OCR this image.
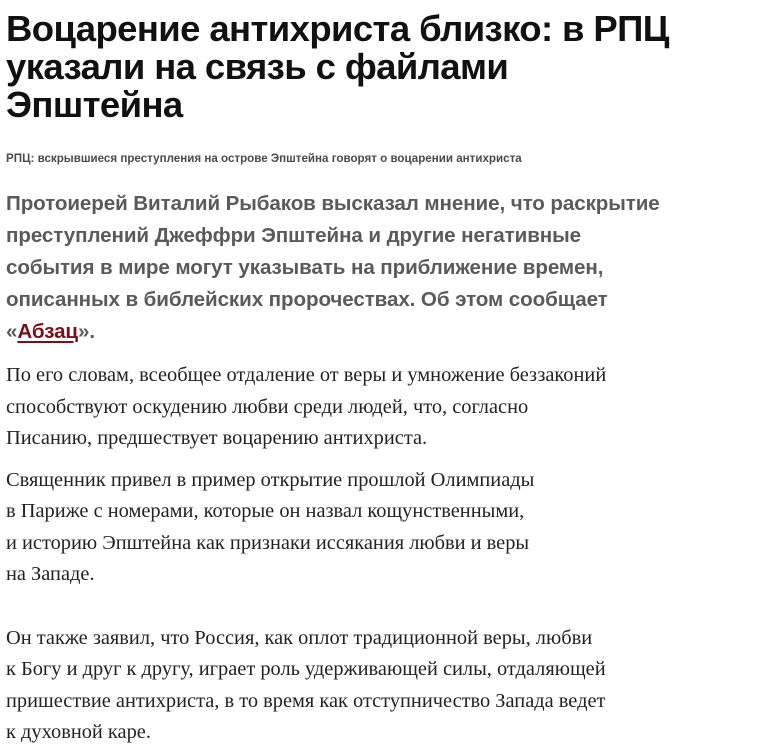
Воцарение антихриста близко: в РПЦ
указали на связь с файлами
Эпштейна

РПЦ: вскрывшиеся преступления на острове Эпштейна говорят о воцарении антихриста

Протоиерей Виталий Рыбаков высказал мнение, что раскрытие
преступлений Джеффри Эпштейна и другие негативные
события в мире могут указывать на приближение времен,
описанных в библейских пророчествах. Об этом сообщает
«Абзац».

По его словам, всеобщее отдаление от веры и умножение беззаконий
способствуют оскудению любви среди людей, что, согласно
Писанию, предшествует воцарению антихриста.

Священник привел в пример открытие прошлой Олимпиады
в Париже с номерами, которые он назвал кощунственными,
и историю Эпштейна как признаки иссякания любви и веры
на Западе.

Он также заявил, что Россия, как оплот традиционной веры, любви
к Богу и друг к другу, играет роль удерживающей силы, отдаляющей
пришествие антихриста, в то время как отступничество Запада ведет
к духовной каре.
